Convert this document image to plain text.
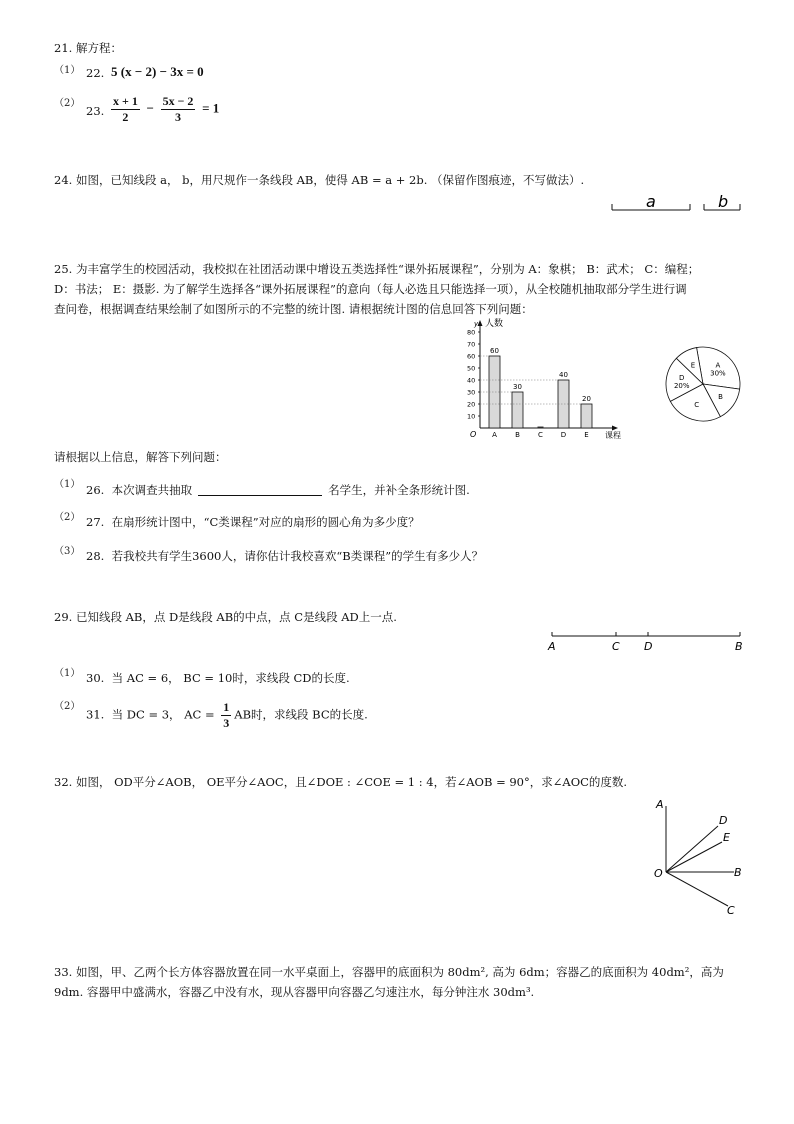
21. 解方程：
（1） 22. 5 (x − 2) − 3x = 0
（2）
23. $\frac{x + 1}{2} - \frac{5x - 2}{3} = 1$
24. 如图，已知线段 a， b，用尺规作一条线段 AB，使得 AB = a + 2b. （保留作图痕迹，不写做法）.
a	b
25. 为丰富学生的校园活动，我校拟在社团活动课中增设五类选择性“课外拓展课程”，分别为 A：象棋； B：武术； C：编程；
D：书法； E：摄影. 为了解学生选择各“课外拓展课程”的意向（每人必选且只能选择一项），从全校随机抽取部分学生进行调
查问卷，根据调查结果绘制了如图所示的不完整的统计图. 请根据统计图的信息回答下列问题：
y 人数
课程
O
10
20
30
40
50
60
70
80
60
A
30
B	C
40
D
20
E
A
30%
B
C
D
20%
E
请根据以上信息，解答下列问题：
（1） 26. 本次调查共抽取	名学生，并补全条形统计图.
（2） 27. 在扇形统计图中，“C类课程”对应的扇形的圆心角为多少度？
（3） 28. 若我校共有学生3600人，请你估计我校喜欢“B类课程”的学生有多少人？
29. 已知线段 AB，点 D是线段 AB的中点，点 C是线段 AD上一点.
A	C D	B
（1） 30. 当 AC = 6， BC = 10时，求线段 CD的长度.
（2）
31. 当 DC = 3， AC = $\frac{1}{3}$ AB时，求线段 BC的长度.
32. 如图， OD平分∠AOB， OE平分∠AOC，且∠DOE : ∠COE = 1 : 4，若∠AOB = 90°，求∠AOC的度数.
A
D
E
O	B
C
33. 如图，甲、乙两个长方体容器放置在同一水平桌面上，容器甲的底面积为 80dm², 高为 6dm；容器乙的底面积为 40dm²，高为
9dm. 容器甲中盛满水，容器乙中没有水，现从容器甲向容器乙匀速注水，每分钟注水 30dm³.
